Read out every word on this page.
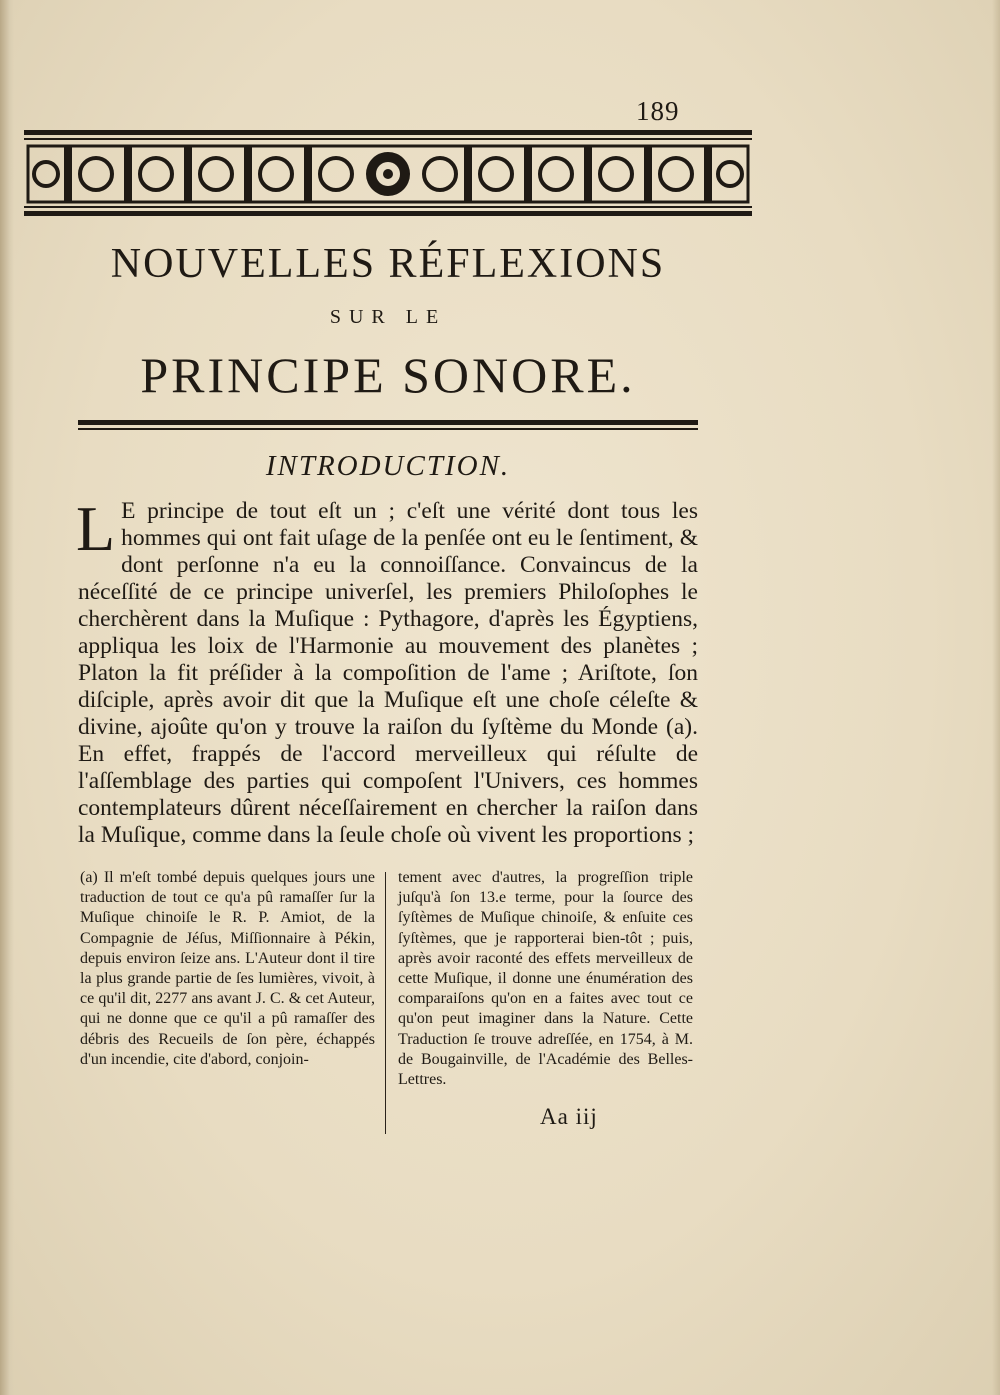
189
NOUVELLES RÉFLEXIONS
SUR LE
PRINCIPE SONORE.
INTRODUCTION.
L E principe de tout eſt un ; c'eſt une vérité dont tous les hommes qui ont fait uſage de la penſée ont eu le ſentiment, & dont perſonne n'a eu la connoiſſance. Convaincus de la néceſſité de ce principe univerſel, les premiers Philoſophes le cherchèrent dans la Muſique : Pythagore, d'après les Égyptiens, appliqua les loix de l'Harmonie au mouvement des planètes ; Platon la fit préſider à la compoſition de l'ame ; Ariſtote, ſon diſciple, après avoir dit que la Muſique eſt une choſe céleſte & divine, ajoûte qu'on y trouve la raiſon du ſyſtème du Monde (a). En effet, frappés de l'accord merveilleux qui réſulte de l'aſſemblage des parties qui compoſent l'Univers, ces hommes contemplateurs dûrent néceſſairement en chercher la raiſon dans la Muſique, comme dans la ſeule choſe où vivent les proportions ;

(a) Il m'eſt tombé depuis quelques jours une traduction de tout ce qu'a pû ramaſſer ſur la Muſique chinoiſe le R. P. Amiot, de la Compagnie de Jéſus, Miſſionnaire à Pékin, depuis environ ſeize ans. L'Auteur dont il tire la plus grande partie de ſes lumières, vivoit, à ce qu'il dit, 2277 ans avant J. C. & cet Auteur, qui ne donne que ce qu'il a pû ramaſſer des débris des Recueils de ſon père, échappés d'un incendie, cite d'abord, conjoin-

tement avec d'autres, la progreſſion triple juſqu'à ſon 13.e terme, pour la ſource des ſyſtèmes de Muſique chinoiſe, & enſuite ces ſyſtèmes, que je rapporterai bien-tôt ; puis, après avoir raconté des effets merveilleux de cette Muſique, il donne une énumération des comparaiſons qu'on en a faites avec tout ce qu'on peut imaginer dans la Nature. Cette Traduction ſe trouve adreſſée, en 1754, à M. de Bougainville, de l'Académie des Belles-Lettres.

Aa iij
